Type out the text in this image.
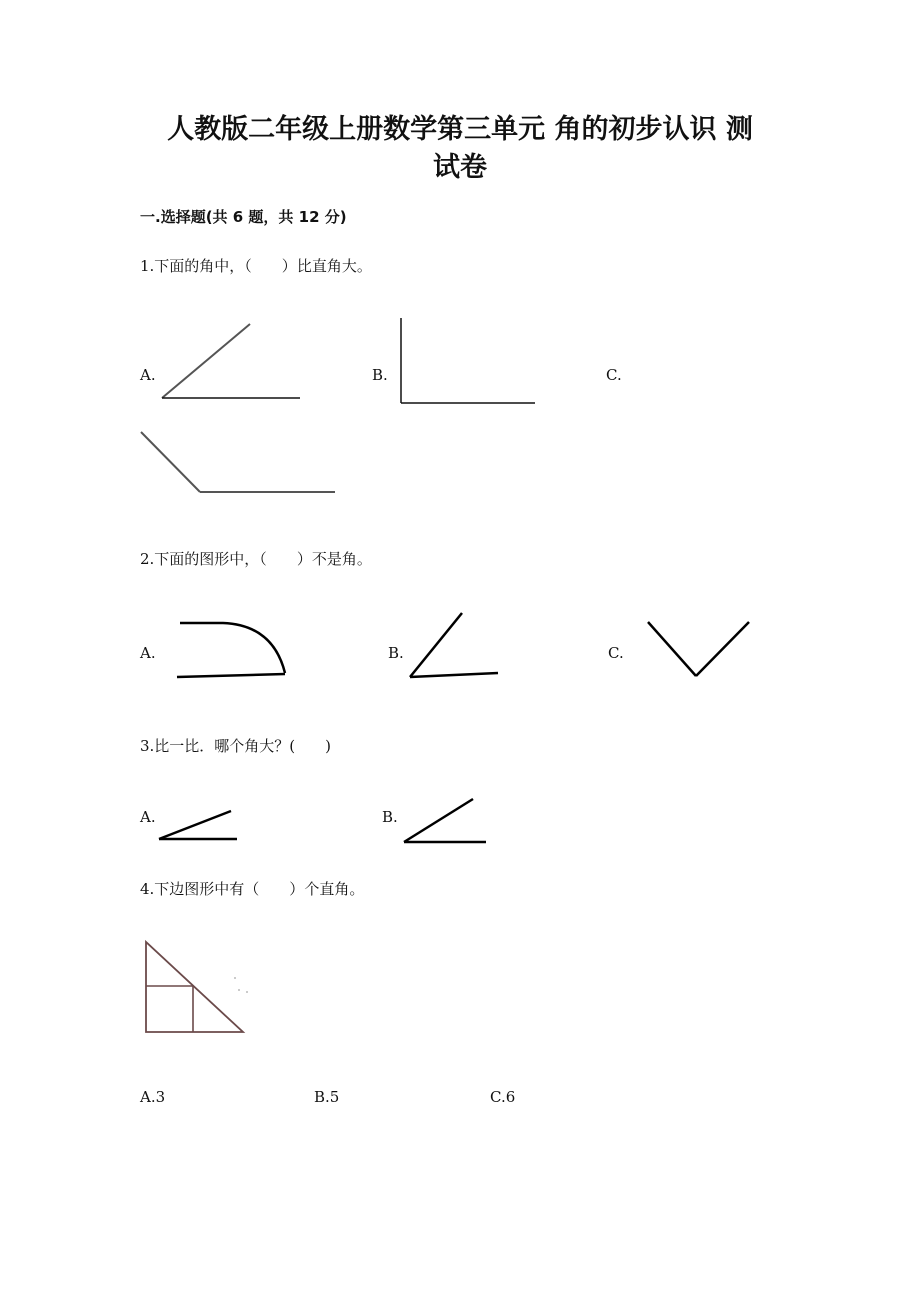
人教版二年级上册数学第三单元 角的初步认识 测
试卷
一.选择题(共 6 题，共 12 分)
1.下面的角中，（　　）比直角大。
A.	B.	C.
2.下面的图形中，（　　）不是角。
A.	B.	C.
3.比一比．哪个角大？(　　)
A.	B.
4.下边图形中有（　　）个直角。
A.3	B.5	C.6
